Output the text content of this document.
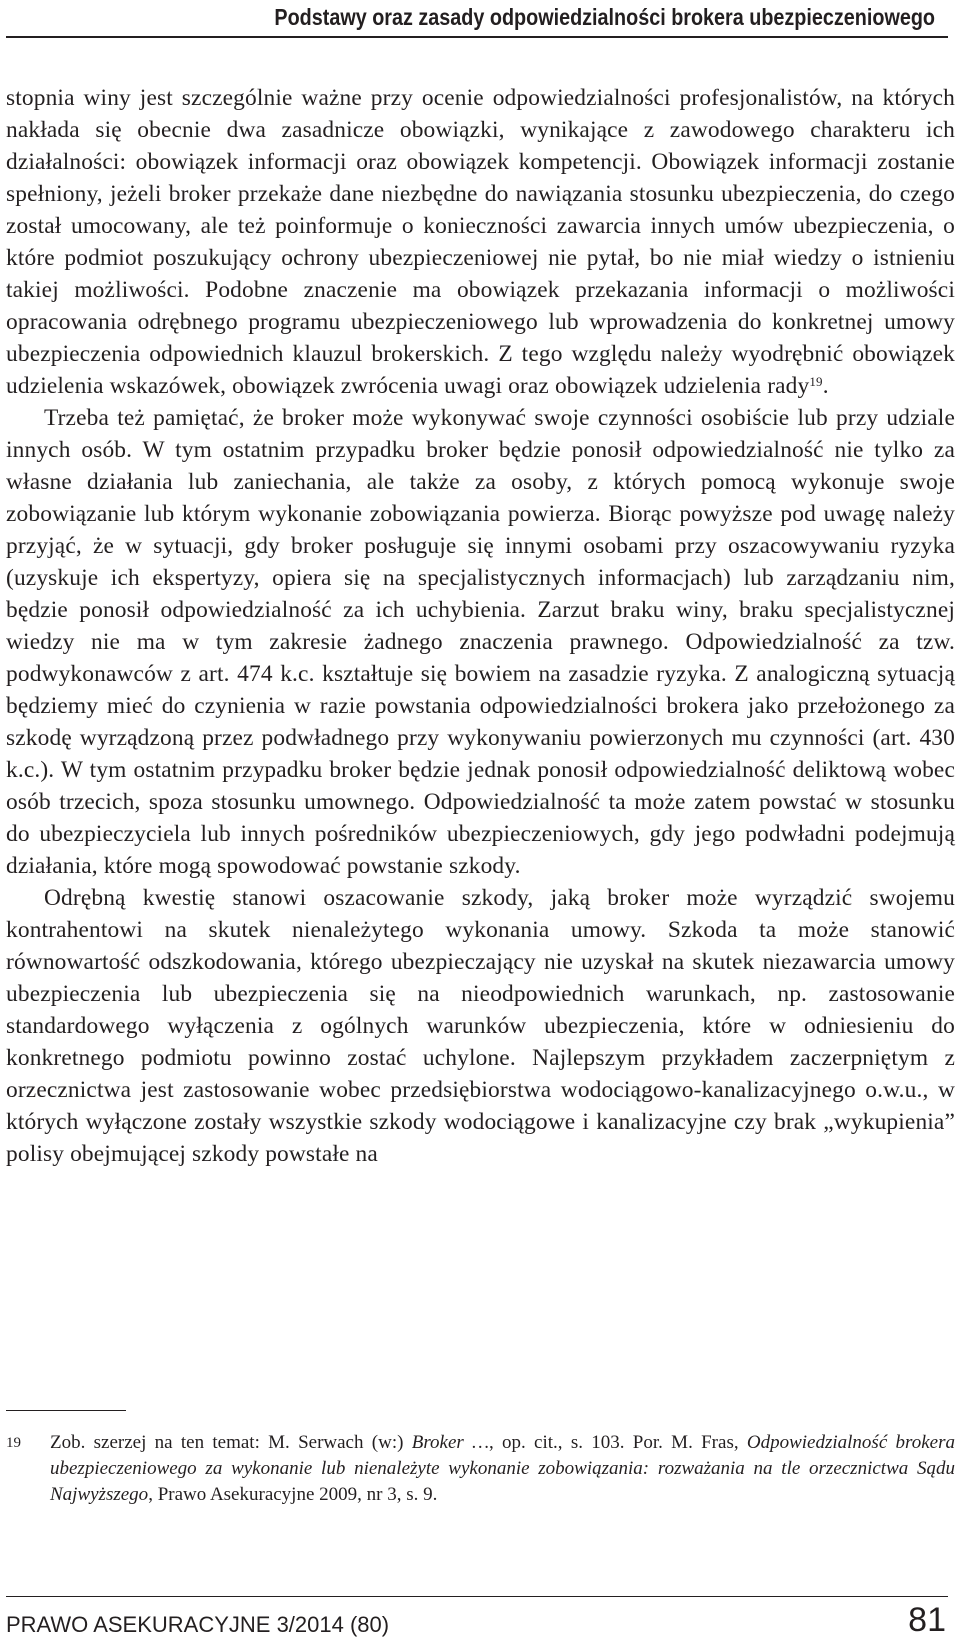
Podstawy oraz zasady odpowiedzialności brokera ubezpieczeniowego

stopnia winy jest szczególnie ważne przy ocenie odpowiedzialności profesjonalistów, na których nakłada się obecnie dwa zasadnicze obowiązki, wynikające z zawodowego charakteru ich działalności: obowiązek informacji oraz obowiązek kompetencji. Obowiązek informacji zostanie spełniony, jeżeli broker przekaże dane niezbędne do nawiązania stosunku ubezpieczenia, do czego został umocowany, ale też poinformuje o konieczności zawarcia innych umów ubezpieczenia, o które podmiot poszukujący ochrony ubezpieczeniowej nie pytał, bo nie miał wiedzy o istnieniu takiej możliwości. Podobne znaczenie ma obowiązek przekazania informacji o możliwości opracowania odrębnego programu ubezpieczeniowego lub wprowadzenia do konkretnej umowy ubezpieczenia odpowiednich klauzul brokerskich. Z tego względu należy wyodrębnić obowiązek udzielenia wskazówek, obowiązek zwrócenia uwagi oraz obowiązek udzielenia rady$^{19}$.

Trzeba też pamiętać, że broker może wykonywać swoje czynności osobiście lub przy udziale innych osób. W tym ostatnim przypadku broker będzie ponosił odpowiedzialność nie tylko za własne działania lub zaniechania, ale także za osoby, z których pomocą wykonuje swoje zobowiązanie lub którym wykonanie zobowiązania powierza. Biorąc powyższe pod uwagę należy przyjąć, że w sytuacji, gdy broker posługuje się innymi osobami przy oszacowywaniu ryzyka (uzyskuje ich ekspertyzy, opiera się na specjalistycznych informacjach) lub zarządzaniu nim, będzie ponosił odpowiedzialność za ich uchybienia. Zarzut braku winy, braku specjalistycznej wiedzy nie ma w tym zakresie żadnego znaczenia prawnego. Odpowiedzialność za tzw. podwykonawców z art. 474 k.c. kształtuje się bowiem na zasadzie ryzyka. Z analogiczną sytuacją będziemy mieć do czynienia w razie powstania odpowiedzialności brokera jako przełożonego za szkodę wyrządzoną przez podwładnego przy wykonywaniu powierzonych mu czynności (art. 430 k.c.). W tym ostatnim przypadku broker będzie jednak ponosił odpowiedzialność deliktową wobec osób trzecich, spoza stosunku umownego. Odpowiedzialność ta może zatem powstać w stosunku do ubezpieczyciela lub innych pośredników ubezpieczeniowych, gdy jego podwładni podejmują działania, które mogą spowodować powstanie szkody.

Odrębną kwestię stanowi oszacowanie szkody, jaką broker może wyrządzić swojemu kontrahentowi na skutek nienależytego wykonania umowy. Szkoda ta może stanowić równowartość odszkodowania, którego ubezpieczający nie uzyskał na skutek niezawarcia umowy ubezpieczenia lub ubezpieczenia się na nieodpowiednich warunkach, np. zastosowanie standardowego wyłączenia z ogólnych warunków ubezpieczenia, które w odniesieniu do konkretnego podmiotu powinno zostać uchylone. Najlepszym przykładem zaczerpniętym z orzecznictwa jest zastosowanie wobec przedsiębiorstwa wodociągowo-kanalizacyjnego o.w.u., w których wyłączone zostały wszystkie szkody wodociągowe i kanalizacyjne czy brak „wykupienia” polisy obejmującej szkody powstałe na

19 Zob. szerzej na ten temat: M. Serwach (w:) Broker …, op. cit., s. 103. Por. M. Fras, Odpowiedzialność brokera ubezpieczeniowego za wykonanie lub nienależyte wykonanie zobowiązania: rozważania na tle orzecznictwa Sądu Najwyższego, Prawo Asekuracyjne 2009, nr 3, s. 9.
PRAWO ASEKURACYJNE 3/2014 (80)	81
